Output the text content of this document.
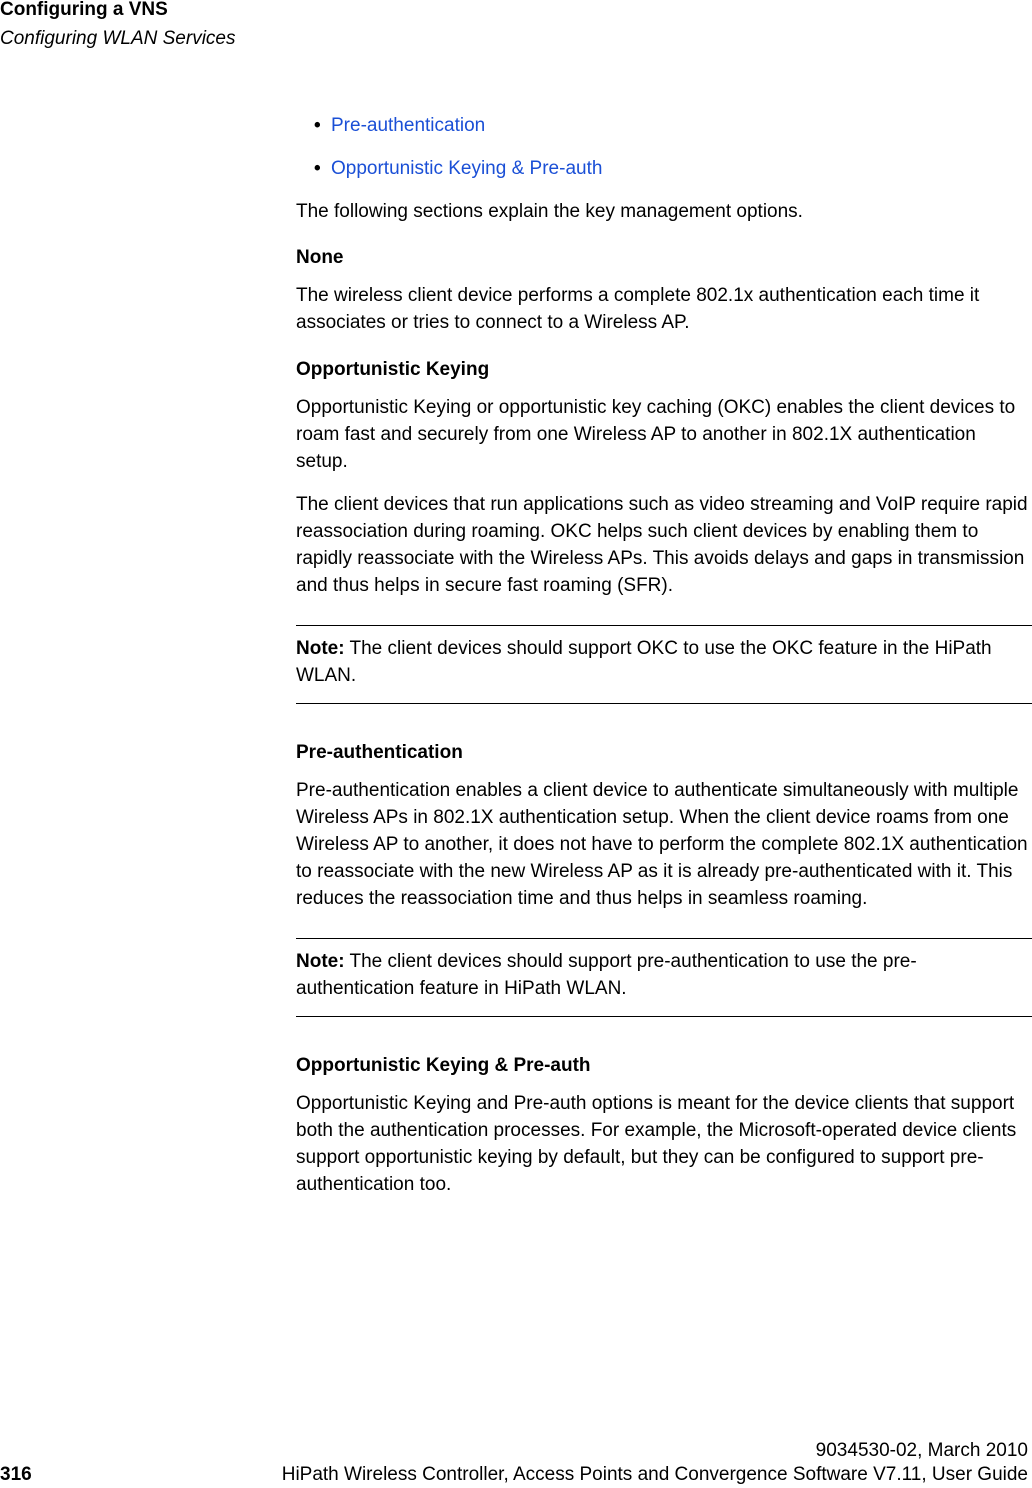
Configuring a VNS
Configuring WLAN Services
• Pre-authentication
• Opportunistic Keying & Pre-auth

The following sections explain the key management options.

None

The wireless client device performs a complete 802.1x authentication each time it associates or tries to connect to a Wireless AP.

Opportunistic Keying

Opportunistic Keying or opportunistic key caching (OKC) enables the client devices to roam fast and securely from one Wireless AP to another in 802.1X authentication setup.

The client devices that run applications such as video streaming and VoIP require rapid reassociation during roaming. OKC helps such client devices by enabling them to rapidly reassociate with the Wireless APs. This avoids delays and gaps in transmission and thus helps in secure fast roaming (SFR).

Note: The client devices should support OKC to use the OKC feature in the HiPath WLAN.

Pre-authentication

Pre-authentication enables a client device to authenticate simultaneously with multiple Wireless APs in 802.1X authentication setup. When the client device roams from one Wireless AP to another, it does not have to perform the complete 802.1X authentication to reassociate with the new Wireless AP as it is already pre-authenticated with it. This reduces the reassociation time and thus helps in seamless roaming.

Note: The client devices should support pre-authentication to use the pre-authentication feature in HiPath WLAN.

Opportunistic Keying & Pre-auth

Opportunistic Keying and Pre-auth options is meant for the device clients that support both the authentication processes. For example, the Microsoft-operated device clients support opportunistic keying by default, but they can be configured to support pre-authentication too.

9034530-02, March 2010
316	HiPath Wireless Controller, Access Points and Convergence Software V7.11, User Guide
